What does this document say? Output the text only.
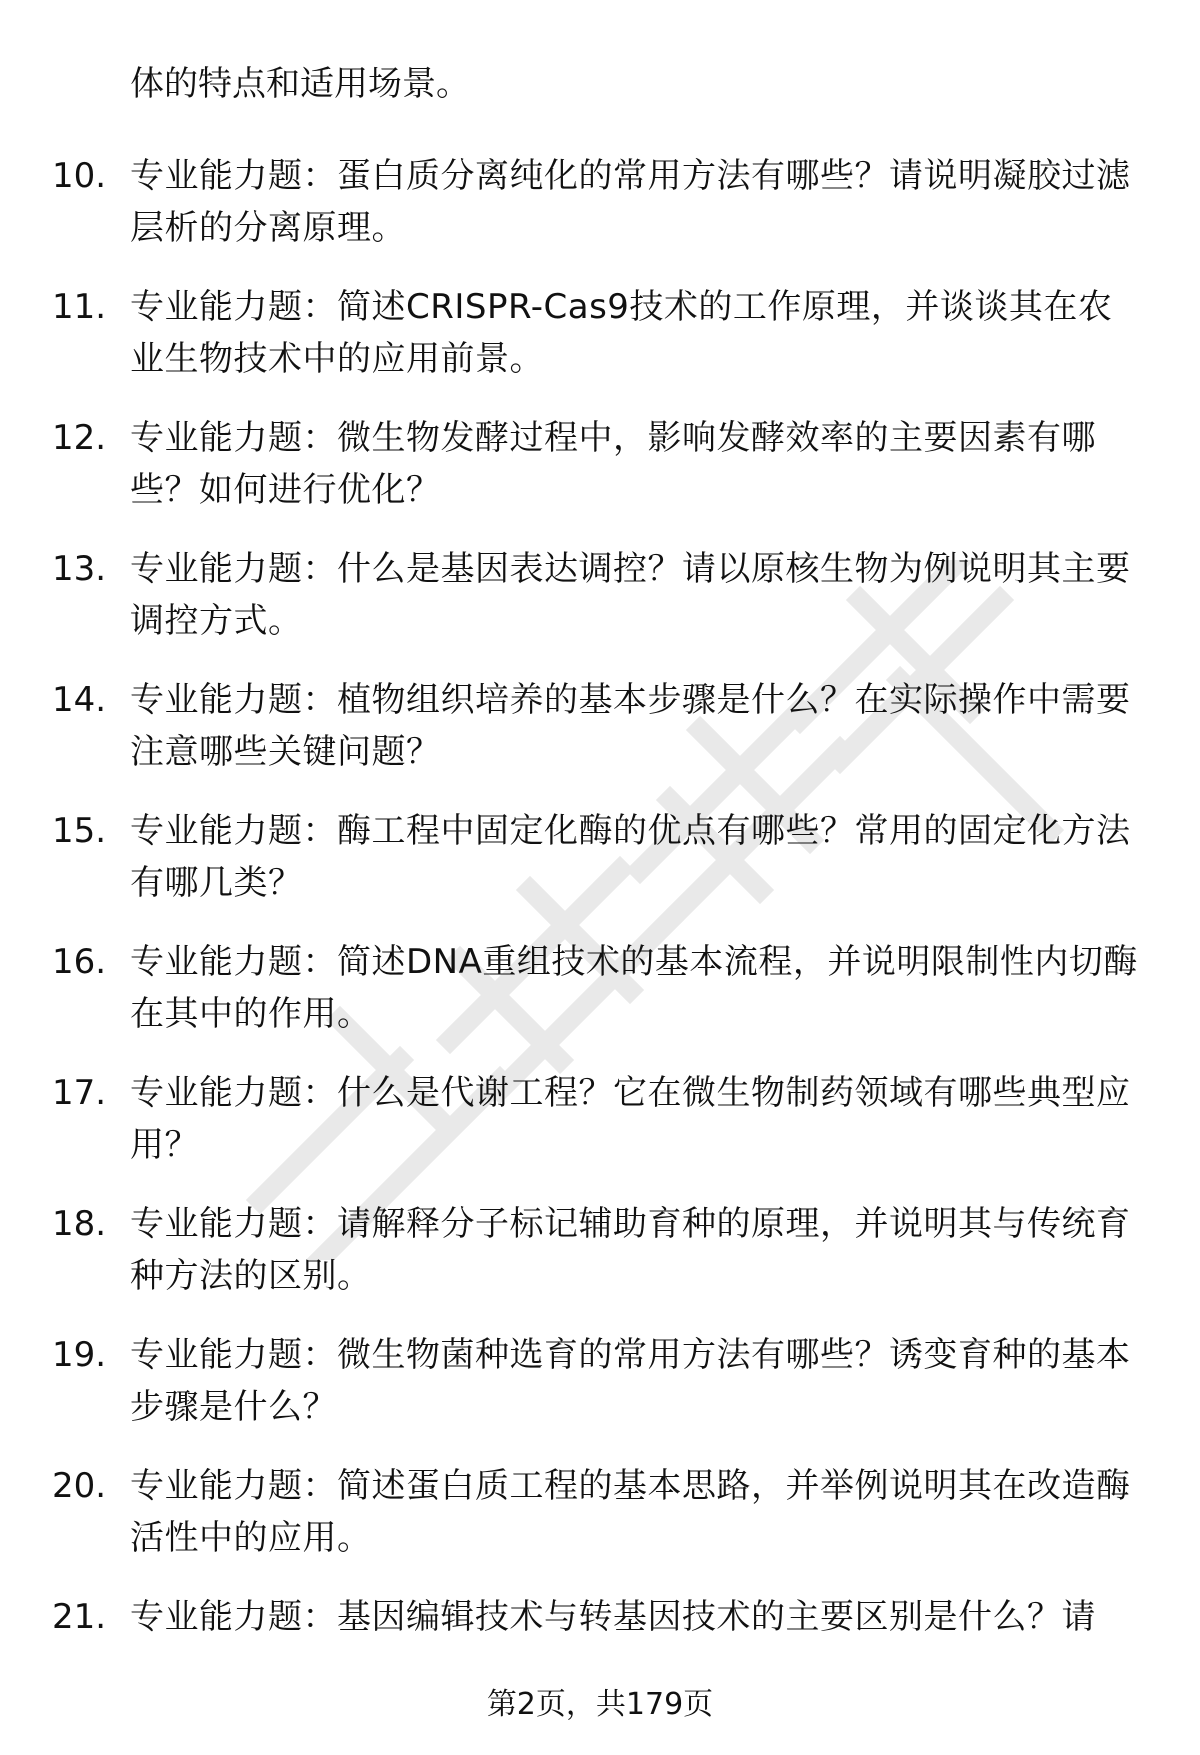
体的特点和适用场景。

10. 专业能力题：蛋白质分离纯化的常用方法有哪些？请说明凝胶过滤层析的分离原理。
11. 专业能力题：简述CRISPR-Cas9技术的工作原理，并谈谈其在农业生物技术中的应用前景。
12. 专业能力题：微生物发酵过程中，影响发酵效率的主要因素有哪些？如何进行优化？
13. 专业能力题：什么是基因表达调控？请以原核生物为例说明其主要调控方式。
14. 专业能力题：植物组织培养的基本步骤是什么？在实际操作中需要注意哪些关键问题？
15. 专业能力题：酶工程中固定化酶的优点有哪些？常用的固定化方法有哪几类？
16. 专业能力题：简述DNA重组技术的基本流程，并说明限制性内切酶在其中的作用。
17. 专业能力题：什么是代谢工程？它在微生物制药领域有哪些典型应用？
18. 专业能力题：请解释分子标记辅助育种的原理，并说明其与传统育种方法的区别。
19. 专业能力题：微生物菌种选育的常用方法有哪些？诱变育种的基本步骤是什么？
20. 专业能力题：简述蛋白质工程的基本思路，并举例说明其在改造酶活性中的应用。
21. 专业能力题：基因编辑技术与转基因技术的主要区别是什么？请
第2页，共179页
